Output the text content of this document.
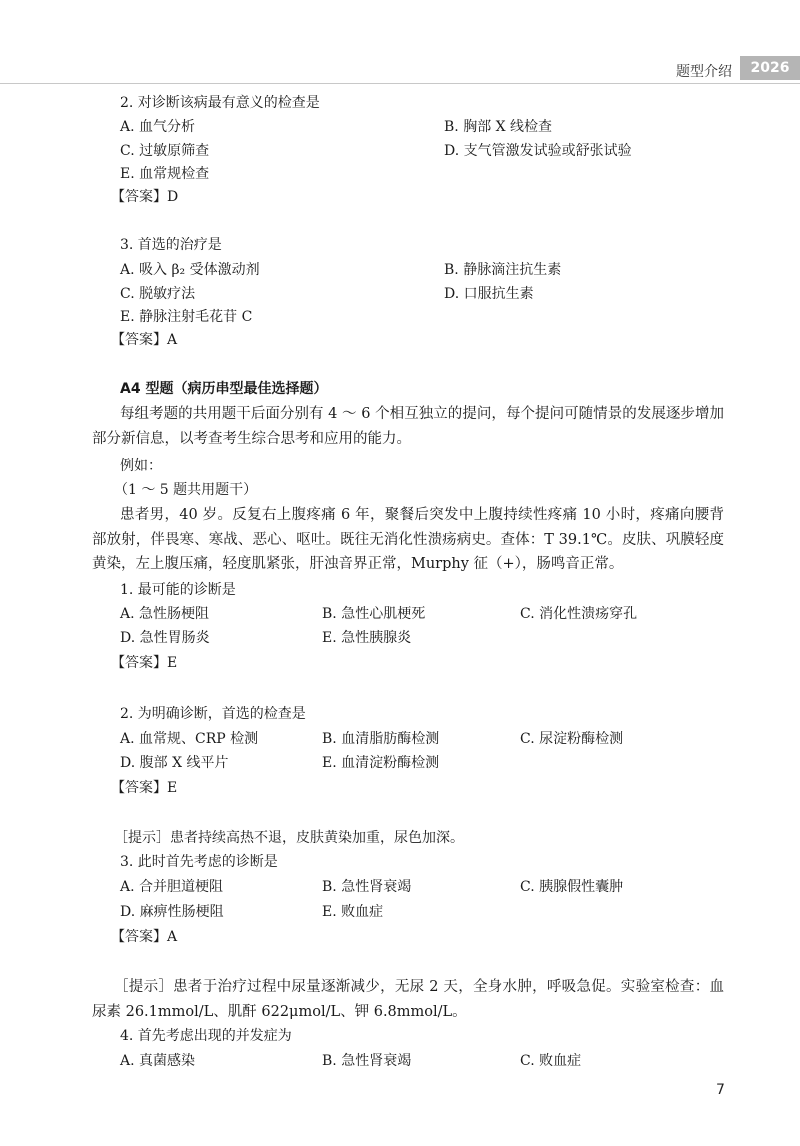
题型介绍	2026
2. 对诊断该病最有意义的检查是
A. 血气分析	B. 胸部 X 线检查
C. 过敏原筛查	D. 支气管激发试验或舒张试验
E. 血常规检查
【答案】D
3. 首选的治疗是
A. 吸入 β₂ 受体激动剂	B. 静脉滴注抗生素
C. 脱敏疗法	D. 口服抗生素
E. 静脉注射毛花苷 C
【答案】A
A4 型题（病历串型最佳选择题）
每组考题的共用题干后面分别有 4 ～ 6 个相互独立的提问，每个提问可随情景的发展逐步增加部分新信息，以考查考生综合思考和应用的能力。
例如：
（1 ～ 5 题共用题干）
患者男，40 岁。反复右上腹疼痛 6 年，聚餐后突发中上腹持续性疼痛 10 小时，疼痛向腰背部放射，伴畏寒、寒战、恶心、呕吐。既往无消化性溃疡病史。查体：T 39.1℃。皮肤、巩膜轻度黄染，左上腹压痛，轻度肌紧张，肝浊音界正常，Murphy 征（+），肠鸣音正常。
1. 最可能的诊断是
A. 急性肠梗阻	B. 急性心肌梗死	C. 消化性溃疡穿孔
D. 急性胃肠炎	E. 急性胰腺炎
【答案】E
2. 为明确诊断，首选的检查是
A. 血常规、CRP 检测	B. 血清脂肪酶检测	C. 尿淀粉酶检测
D. 腹部 X 线平片	E. 血清淀粉酶检测
【答案】E
［提示］患者持续高热不退，皮肤黄染加重，尿色加深。
3. 此时首先考虑的诊断是
A. 合并胆道梗阻	B. 急性肾衰竭	C. 胰腺假性囊肿
D. 麻痹性肠梗阻	E. 败血症
【答案】A
［提示］患者于治疗过程中尿量逐渐减少，无尿 2 天，全身水肿，呼吸急促。实验室检查：血尿素 26.1mmol/L、肌酐 622μmol/L、钾 6.8mmol/L。
4. 首先考虑出现的并发症为
A. 真菌感染	B. 急性肾衰竭	C. 败血症
7
